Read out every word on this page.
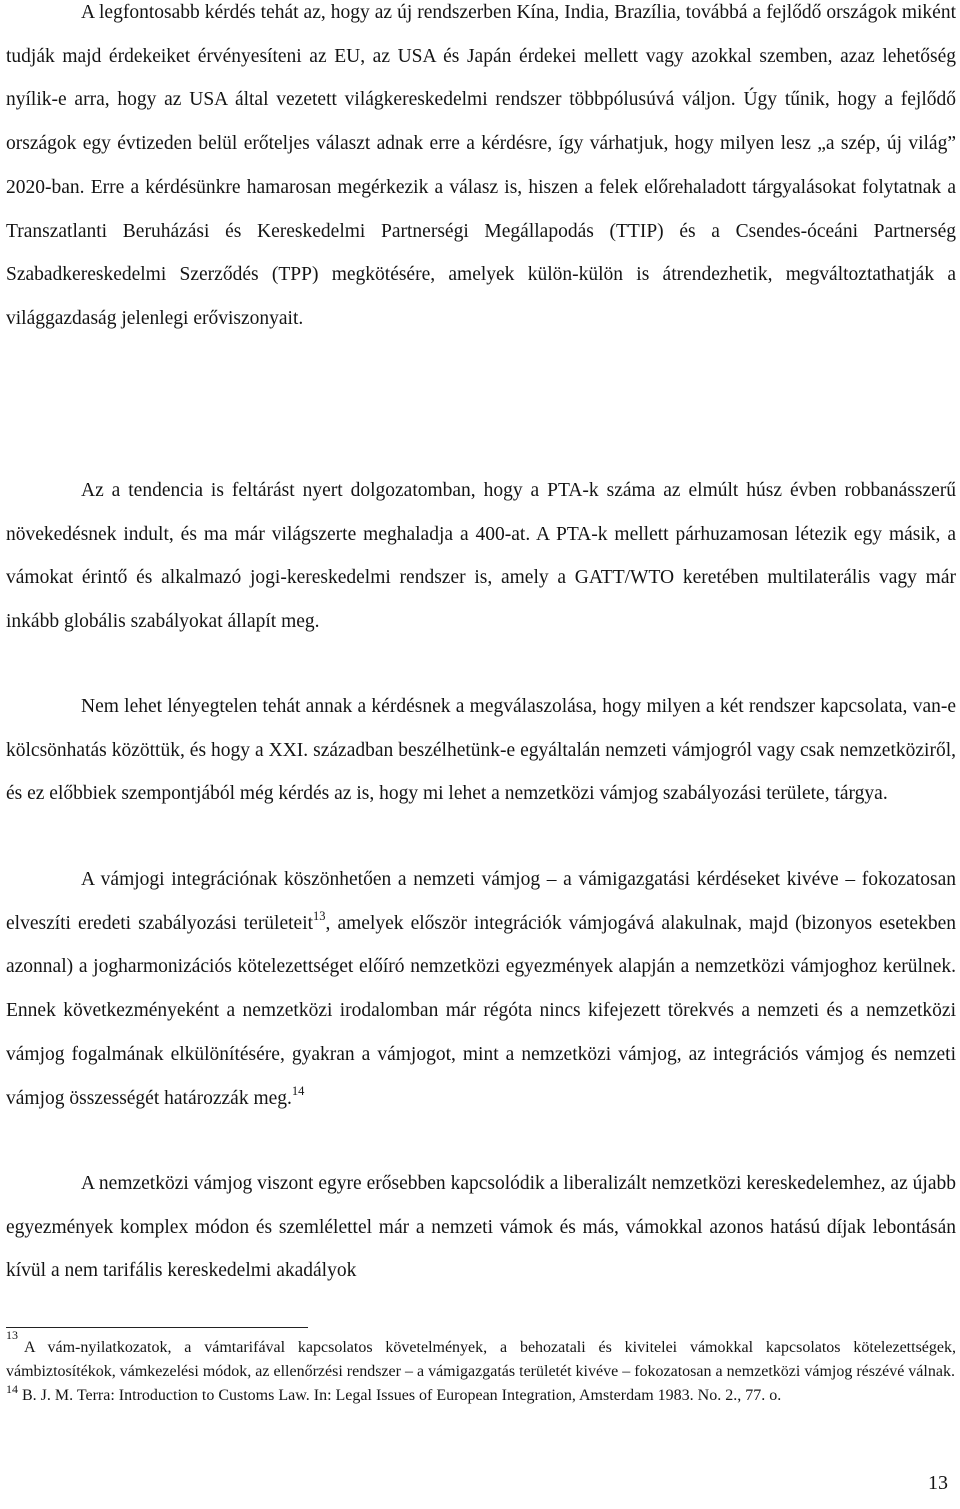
A legfontosabb kérdés tehát az, hogy az új rendszerben Kína, India, Brazília, továbbá a fejlődő országok miként tudják majd érdekeiket érvényesíteni az EU, az USA és Japán érdekei mellett vagy azokkal szemben, azaz lehetőség nyílik-e arra, hogy az USA által vezetett világkereskedelmi rendszer többpólusúvá váljon. Úgy tűnik, hogy a fejlődő országok egy évtizeden belül erőteljes választ adnak erre a kérdésre, így várhatjuk, hogy milyen lesz „a szép, új világ” 2020-ban. Erre a kérdésünkre hamarosan megérkezik a válasz is, hiszen a felek előrehaladott tárgyalásokat folytatnak a Transzatlanti Beruházási és Kereskedelmi Partnerségi Megállapodás (TTIP) és a Csendes-óceáni Partnerség Szabadkereskedelmi Szerződés (TPP) megkötésére, amelyek külön-külön is átrendezhetik, megváltoztathatják a világgazdaság jelenlegi erőviszonyait.

Az a tendencia is feltárást nyert dolgozatomban, hogy a PTA-k száma az elmúlt húsz évben robbanásszerű növekedésnek indult, és ma már világszerte meghaladja a 400-at. A PTA-k mellett párhuzamosan létezik egy másik, a vámokat érintő és alkalmazó jogi-kereskedelmi rendszer is, amely a GATT/WTO keretében multilaterális vagy már inkább globális szabályokat állapít meg.

Nem lehet lényegtelen tehát annak a kérdésnek a megválaszolása, hogy milyen a két rendszer kapcsolata, van-e kölcsönhatás közöttük, és hogy a XXI. században beszélhetünk-e egyáltalán nemzeti vámjogról vagy csak nemzetköziről, és ez előbbiek szempontjából még kérdés az is, hogy mi lehet a nemzetközi vámjog szabályozási területe, tárgya.

A vámjogi integrációnak köszönhetően a nemzeti vámjog – a vámigazgatási kérdéseket kivéve – fokozatosan elveszíti eredeti szabályozási területeit$^{13}$, amelyek először integrációk vámjogává alakulnak, majd (bizonyos esetekben azonnal) a jogharmonizációs kötelezettséget előíró nemzetközi egyezmények alapján a nemzetközi vámjoghoz kerülnek. Ennek következményeként a nemzetközi irodalomban már régóta nincs kifejezett törekvés a nemzeti és a nemzetközi vámjog fogalmának elkülönítésére, gyakran a vámjogot, mint a nemzetközi vámjog, az integrációs vámjog és nemzeti vámjog összességét határozzák meg.$^{14}$

A nemzetközi vámjog viszont egyre erősebben kapcsolódik a liberalizált nemzetközi kereskedelemhez, az újabb egyezmények komplex módon és szemlélettel már a nemzeti vámok és más, vámokkal azonos hatású díjak lebontásán kívül a nem tarifális kereskedelmi akadályok

$^{13}$A vám-nyilatkozatok, a vámtarifával kapcsolatos követelmények, a behozatali és kivitelei vámokkal kapcsolatos kötelezettségek, vámbiztosítékok, vámkezelési módok, az ellenőrzési rendszer – a vámigazgatás területét kivéve – fokozatosan a nemzetközi vámjog részévé válnak.

$^{14}$ B. J. M. Terra: Introduction to Customs Law. In: Legal Issues of European Integration, Amsterdam 1983. No. 2., 77. o.

13
